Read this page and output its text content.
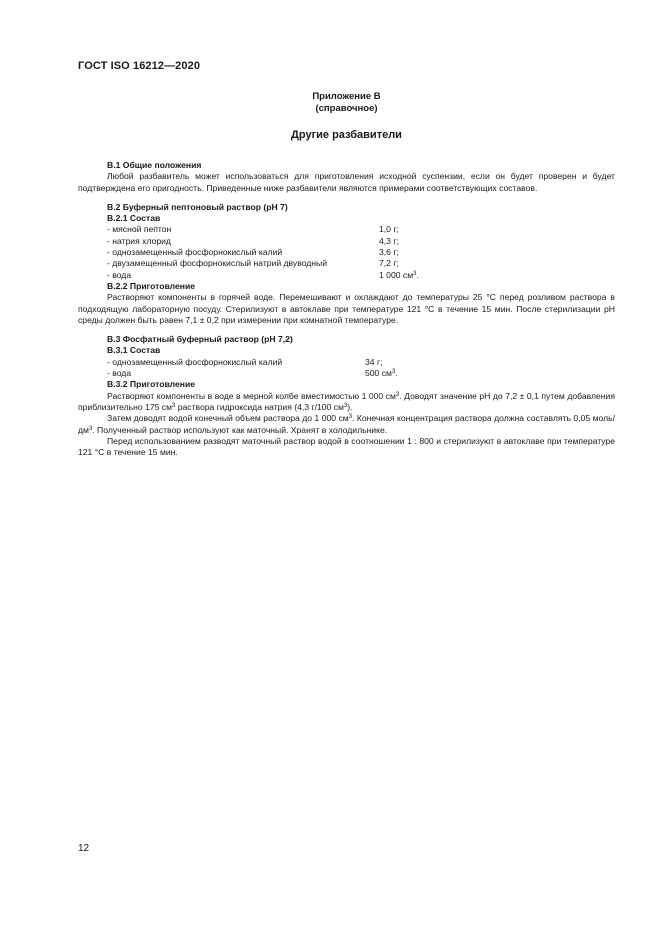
ГОСТ ISO 16212—2020
Приложение В
(справочное)
Другие разбавители

В.1 Общие положения

Любой разбавитель может использоваться для приготовления исходной суспензии, если он будет проверен и будет подтверждена его пригодность. Приведенные ниже разбавители являются примерами соответствующих составов.

В.2 Буферный пептоновый раствор (pH 7)

В.2.1 Состав

- мясной пептон	1,0 г;
- натрия хлорид	4,3 г;
- однозамещенный фосфорнокислый калий	3,6 г;
- двузамещенный фосфорнокислый натрий двуводный	7,2 г;
- вода	1 000 $см^3$.

В.2.2 Приготовление

Растворяют компоненты в горячей воде. Перемешивают и охлаждают до температуры 25 °C перед розливом раствора в подходящую лабораторную посуду. Стерилизуют в автоклаве при температуре 121 °C в течение 15 мин. После стерилизации pH среды должен быть равен 7,1 ± 0,2 при измерении при комнатной температуре.

В.3 Фосфатный буферный раствор (pH 7,2)

В.3.1 Состав

- однозамещенный фосфорнокислый калий	34 г;
- вода	500 $см^3$.

В.3.2 Приготовление

Растворяют компоненты в воде в мерной колбе вместимостью 1 000 $см^3$. Доводят значение pH до 7,2 ± 0,1 путем добавления приблизительно 175 $см^3$ раствора гидроксида натрия (4,3 г/100 $см^3$).

Затем доводят водой конечный объем раствора до 1 000 $см^3$. Конечная концентрация раствора должна составлять 0,05 моль/$дм^3$. Полученный раствор используют как маточный. Хранят в холодильнике.

Перед использованием разводят маточный раствор водой в соотношении 1 : 800 и стерилизуют в автоклаве при температуре 121 °C в течение 15 мин.

12
